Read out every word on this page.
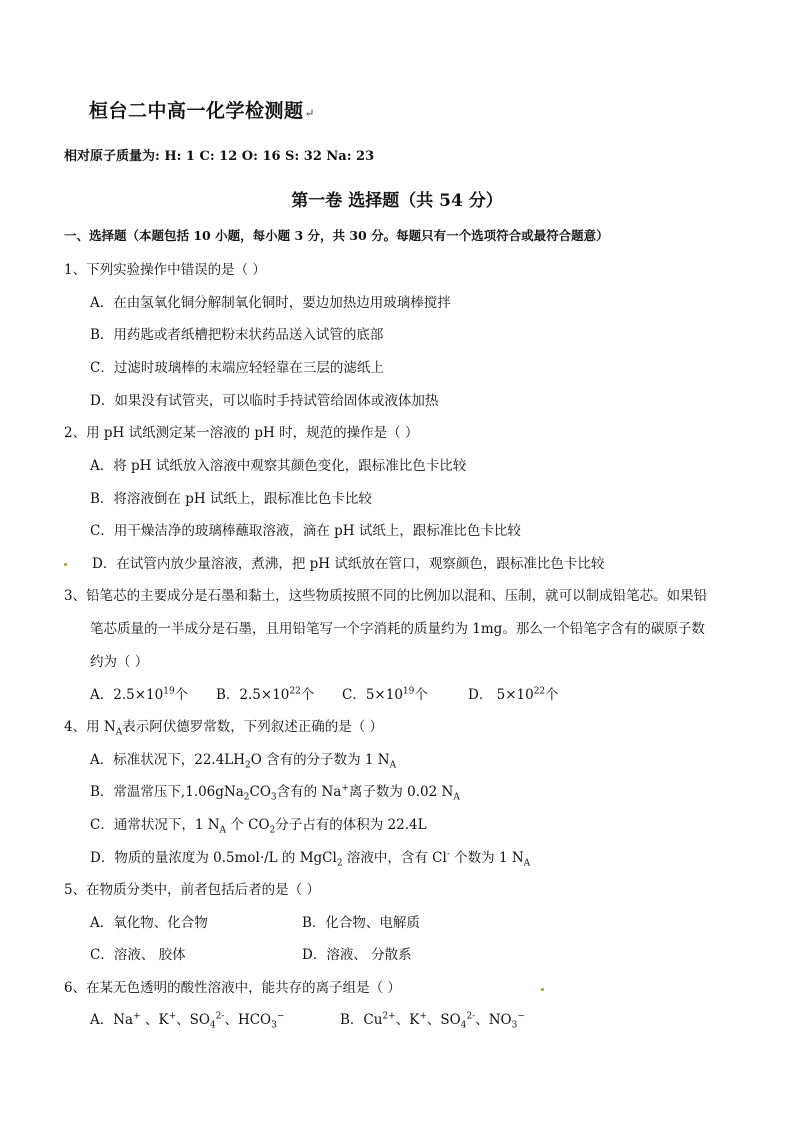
桓台二中高一化学检测题↵
相对原子质量为: H: 1 C: 12 O: 16 S: 32 Na: 23
第一卷 选择题（共 54 分）
一、选择题（本题包括 10 小题，每小题 3 分，共 30 分。每题只有一个选项符合或最符合题意）
1、下列实验操作中错误的是（ ）
A．在由氢氧化铜分解制氧化铜时，要边加热边用玻璃棒搅拌
B．用药匙或者纸槽把粉末状药品送入试管的底部
C．过滤时玻璃棒的末端应轻轻靠在三层的滤纸上
D．如果没有试管夹，可以临时手持试管给固体或液体加热
2、用 pH 试纸测定某一溶液的 pH 时，规范的操作是（ ）
A．将 pH 试纸放入溶液中观察其颜色变化，跟标准比色卡比较
B．将溶液倒在 pH 试纸上，跟标准比色卡比较
C．用干燥洁净的玻璃棒蘸取溶液，滴在 pH 试纸上，跟标准比色卡比较
D．在试管内放少量溶液，煮沸，把 pH 试纸放在管口，观察颜色，跟标准比色卡比较
3、铅笔芯的主要成分是石墨和黏土，这些物质按照不同的比例加以混和、压制，就可以制成铅笔芯。如果铅
笔芯质量的一半成分是石墨，且用铅笔写一个字消耗的质量约为 1mg。那么一个铅笔字含有的碳原子数
约为（ ）
A．$2.5\times 10^{19}$个 B．$2.5\times 10^{22}$个 C．$5\times 10^{19}$个	D． $5\times 10^{22}$个
4、用 $N_A$表示阿伏德罗常数，下列叙述正确的是（ ）
A．标准状况下，$22.4LH_2O$ 含有的分子数为 1 $N_A$
B．常温常压下$,1.06gNa_2CO_3$含有的 Na+离子数为 0.02 $N_A$
C．通常状况下，1 $N_A$ 个 $CO_2$分子占有的体积为 22.4L
D．物质的量浓度为 0.5mol·/L 的 MgCl$_2$ 溶液中，含有 Cl- 个数为 1 $N_A$
5、在物质分类中，前者包括后者的是（ ）
A．氧化物、化合物	B．化合物、电解质
C．溶液、 胶体	D．溶液、 分散系
6、在某无色透明的酸性溶液中，能共存的离子组是（ ）
A．Na+ 、K+、$SO_4^{2-}$、$HCO_3^-$	B．$Cu^{2+}$、K+、$SO_4^{2-}$、$NO_3^-$
